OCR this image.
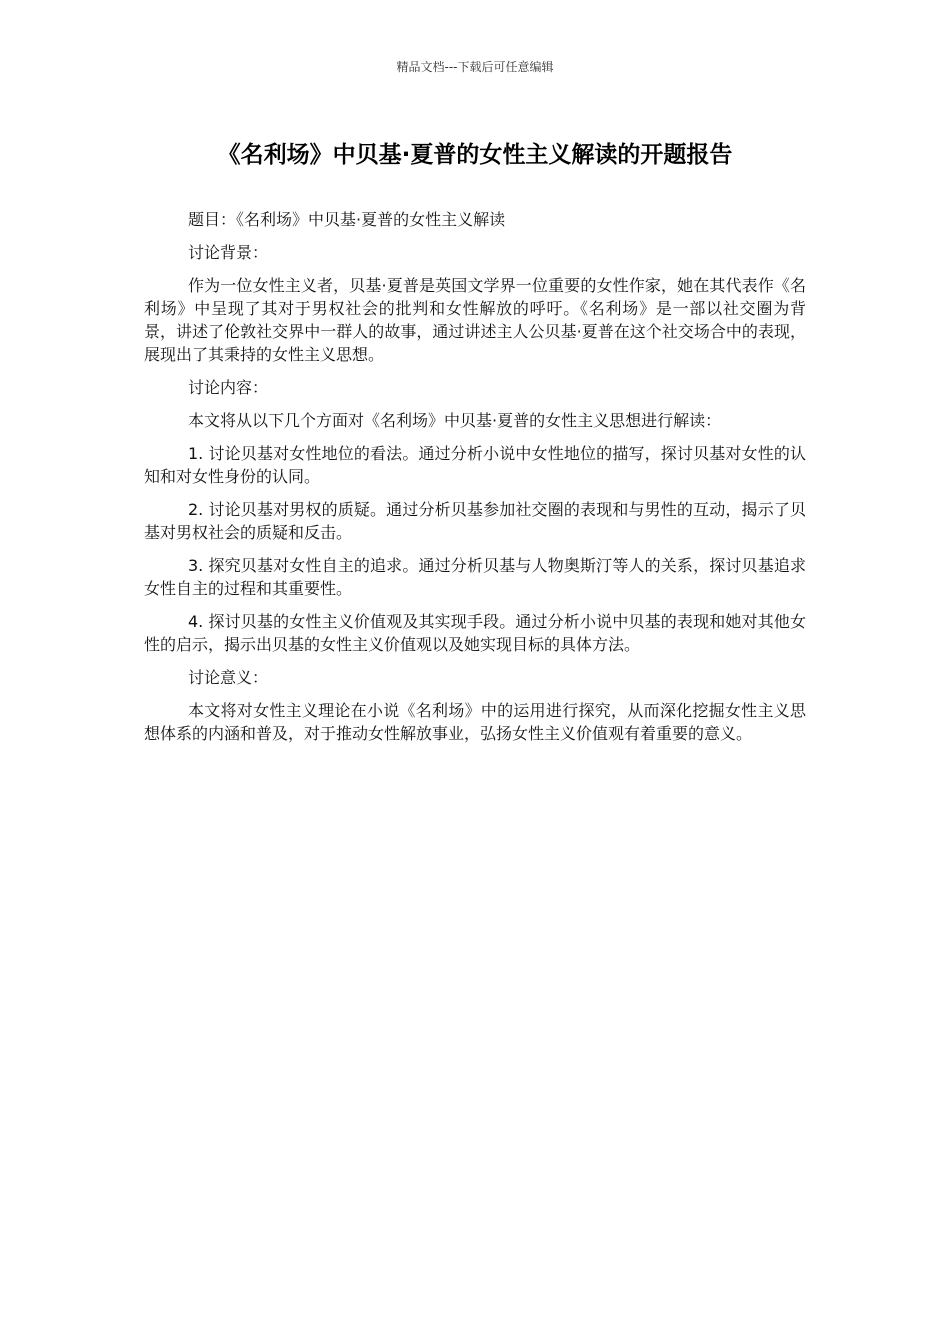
精品文档---下载后可任意编辑
《名利场》中贝基·夏普的女性主义解读的开题报告

题目：《名利场》中贝基·夏普的女性主义解读

讨论背景：

作为一位女性主义者，贝基·夏普是英国文学界一位重要的女性作家，她在其代表作《名利场》中呈现了其对于男权社会的批判和女性解放的呼吁。《名利场》是一部以社交圈为背景，讲述了伦敦社交界中一群人的故事，通过讲述主人公贝基·夏普在这个社交场合中的表现，展现出了其秉持的女性主义思想。

讨论内容：

本文将从以下几个方面对《名利场》中贝基·夏普的女性主义思想进行解读：

1. 讨论贝基对女性地位的看法。通过分析小说中女性地位的描写，探讨贝基对女性的认知和对女性身份的认同。

2. 讨论贝基对男权的质疑。通过分析贝基参加社交圈的表现和与男性的互动，揭示了贝基对男权社会的质疑和反击。

3. 探究贝基对女性自主的追求。通过分析贝基与人物奥斯汀等人的关系，探讨贝基追求女性自主的过程和其重要性。

4. 探讨贝基的女性主义价值观及其实现手段。通过分析小说中贝基的表现和她对其他女性的启示，揭示出贝基的女性主义价值观以及她实现目标的具体方法。

讨论意义：

本文将对女性主义理论在小说《名利场》中的运用进行探究，从而深化挖掘女性主义思想体系的内涵和普及，对于推动女性解放事业，弘扬女性主义价值观有着重要的意义。
